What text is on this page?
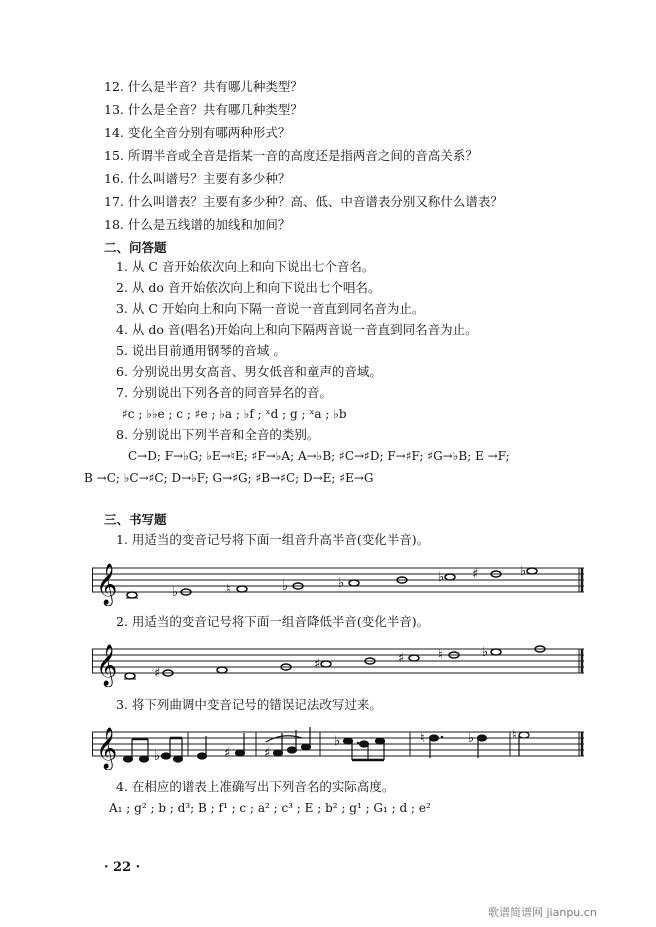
12. 什么是半音？共有哪儿种类型？
13. 什么是全音？共有哪几种类型？
14. 变化全音分别有哪两种形式？
15. 所谓半音或全音是指某一音的高度还是指两音之间的音高关系？
16. 什么叫谱号？主要有多少种？
17. 什么叫谱表？主要有多少种？高、低、中音谱表分别又称什么谱表？
18. 什么是五线谱的加线和加间？
二、问答题
1. 从 C 音开始依次向上和向下说出七个音名。
2. 从 do 音开始依次向上和向下说出七个唱名。
3. 从 C 开始向上和向下隔一音说一音直到同名音为止。
4. 从 do 音(唱名)开始向上和向下隔两音说一音直到同名音为止。
5. 说出目前通用钢琴的音域 。
6. 分别说出男女高音、男女低音和童声的音域。
7. 分别说出下列各音的同音异名的音。
♯c ; ♭♭e ; c ; ♯e ; ♭a ; ♭f ; ˣd ; g ; ˣa ; ♭b
8. 分别说出下列半音和全音的类别。
C→D; F→♭G; ♭E→♮E; ♯F→♭A; A→♭B; ♯C→♯D; F→♯F; ♯G→♭B; E →F;
B →C; ♭C→♯C; D→♭F; G→♯G; ♯B→♯C; D→E; ♯E→G
三、书写题
1. 用适当的变音记号将下面一组音升高半音(变化半音)。
𝄞	♭	♮	♭	♭	♭ ♯	♭
2. 用适当的变音记号将下面一组音降低半音(变化半音)。
𝄞	♯
♯	♯	♮	♭
3. 将下列曲调中变音记号的错误记法改写过来。
𝄞	♭	♯	♯
♭	♮	♭	♮
4. 在相应的谱表上准确写出下列音名的实际高度。
A₁ ; g² ; b ; d³; B ; f¹ ; c ; a² ; c³ ; E ; b² ; g¹ ; G₁ ; d ; e²
· 22 ·
歌谱简谱网 jianpu.cn
